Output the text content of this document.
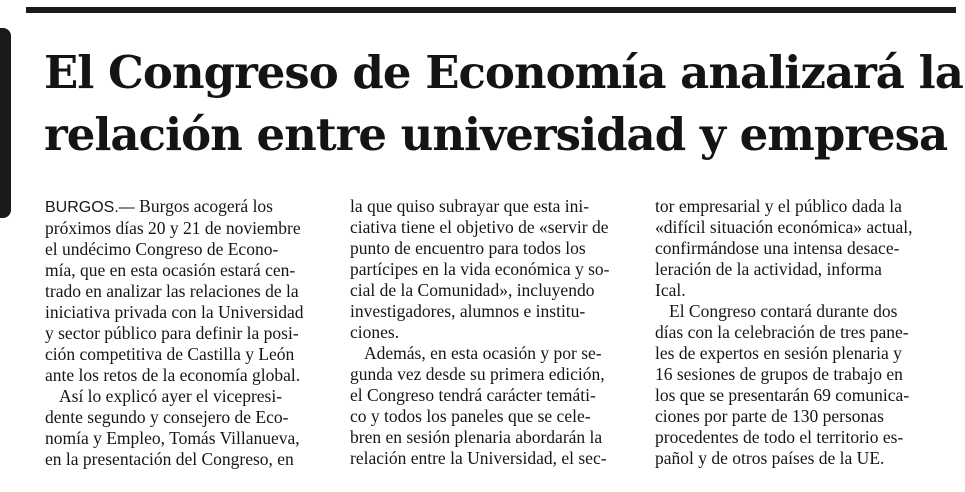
El Congreso de Economía analizará la
relación entre universidad y empresa

BURGOS.— Burgos acogerá los

próximos días 20 y 21 de noviembre

el undécimo Congreso de Econo-

mía, que en esta ocasión estará cen-

trado en analizar las relaciones de la

iniciativa privada con la Universidad

y sector público para definir la posi-

ción competitiva de Castilla y León

ante los retos de la economía global.

Así lo explicó ayer el vicepresi-

dente segundo y consejero de Eco-

nomía y Empleo, Tomás Villanueva,

en la presentación del Congreso, en

la que quiso subrayar que esta ini-

ciativa tiene el objetivo de «servir de

punto de encuentro para todos los

partícipes en la vida económica y so-

cial de la Comunidad», incluyendo

investigadores, alumnos e institu-

ciones.

Además, en esta ocasión y por se-

gunda vez desde su primera edición,

el Congreso tendrá carácter temáti-

co y todos los paneles que se cele-

bren en sesión plenaria abordarán la

relación entre la Universidad, el sec-

tor empresarial y el público dada la

«difícil situación económica» actual,

confirmándose una intensa desace-

leración de la actividad, informa

Ical.

El Congreso contará durante dos

días con la celebración de tres pane-

les de expertos en sesión plenaria y

16 sesiones de grupos de trabajo en

los que se presentarán 69 comunica-

ciones por parte de 130 personas

procedentes de todo el territorio es-

pañol y de otros países de la UE.
